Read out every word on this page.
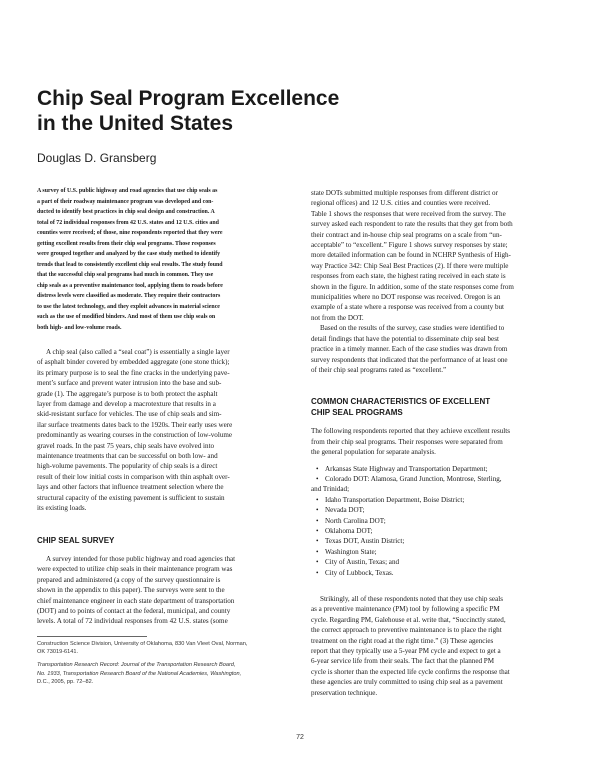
Chip Seal Program Excellence
in the United States
Douglas D. Gransberg

A survey of U.S. public highway and road agencies that use chip seals as
a part of their roadway maintenance program was developed and con-
ducted to identify best practices in chip seal design and construction. A
total of 72 individual responses from 42 U.S. states and 12 U.S. cities and
counties were received; of those, nine respondents reported that they were
getting excellent results from their chip seal programs. Those responses
were grouped together and analyzed by the case study method to identify
trends that lead to consistently excellent chip seal results. The study found
that the successful chip seal programs had much in common. They use
chip seals as a preventive maintenance tool, applying them to roads before
distress levels were classified as moderate. They require their contractors
to use the latest technology, and they exploit advances in material science
such as the use of modified binders. And most of them use chip seals on
both high- and low-volume roads.

A chip seal (also called a “seal coat”) is essentially a single layer
of asphalt binder covered by embedded aggregate (one stone thick);
its primary purpose is to seal the fine cracks in the underlying pave-
ment’s surface and prevent water intrusion into the base and sub-
grade (1). The aggregate’s purpose is to both protect the asphalt
layer from damage and develop a macrotexture that results in a
skid-resistant surface for vehicles. The use of chip seals and sim-
ilar surface treatments dates back to the 1920s. Their early uses were
predominantly as wearing courses in the construction of low-volume
gravel roads. In the past 75 years, chip seals have evolved into
maintenance treatments that can be successful on both low- and
high-volume pavements. The popularity of chip seals is a direct
result of their low initial costs in comparison with thin asphalt over-
lays and other factors that influence treatment selection where the
structural capacity of the existing pavement is sufficient to sustain
its existing loads.

CHIP SEAL SURVEY

A survey intended for those public highway and road agencies that
were expected to utilize chip seals in their maintenance program was
prepared and administered (a copy of the survey questionnaire is
shown in the appendix to this paper). The surveys were sent to the
chief maintenance engineer in each state department of transportation
(DOT) and to points of contact at the federal, municipal, and county
levels. A total of 72 individual responses from 42 U.S. states (some

Construction Science Division, University of Oklahoma, 830 Van Vleet Oval, Norman,
OK 73019-6141.

Transportation Research Record: Journal of the Transportation Research Board,
No. 1933, Transportation Research Board of the National Academies, Washington,
D.C., 2005, pp. 72–82.

state DOTs submitted multiple responses from different district or
regional offices) and 12 U.S. cities and counties were received.
Table 1 shows the responses that were received from the survey. The
survey asked each respondent to rate the results that they get from both
their contract and in-house chip seal programs on a scale from “un-
acceptable” to “excellent.” Figure 1 shows survey responses by state;
more detailed information can be found in NCHRP Synthesis of High-
way Practice 342: Chip Seal Best Practices (2). If there were multiple
responses from each state, the highest rating received in each state is
shown in the figure. In addition, some of the state responses come from
municipalities where no DOT response was received. Oregon is an
example of a state where a response was received from a county but
not from the DOT.

Based on the results of the survey, case studies were identified to
detail findings that have the potential to disseminate chip seal best
practice in a timely manner. Each of the case studies was drawn from
survey respondents that indicated that the performance of at least one
of their chip seal programs rated as “excellent.”

COMMON CHARACTERISTICS OF EXCELLENT
CHIP SEAL PROGRAMS

The following respondents reported that they achieve excellent results
from their chip seal programs. Their responses were separated from
the general population for separate analysis.

• Arkansas State Highway and Transportation Department;
• Colorado DOT: Alamosa, Grand Junction, Montrose, Sterling,
and Trinidad;
• Idaho Transportation Department, Boise District;
• Nevada DOT;
• North Carolina DOT;
• Oklahoma DOT;
• Texas DOT, Austin District;
• Washington State;
• City of Austin, Texas; and
• City of Lubbock, Texas.

Strikingly, all of these respondents noted that they use chip seals
as a preventive maintenance (PM) tool by following a specific PM
cycle. Regarding PM, Galehouse et al. write that, “Succinctly stated,
the correct approach to preventive maintenance is to place the right
treatment on the right road at the right time.” (3) These agencies
report that they typically use a 5-year PM cycle and expect to get a
6-year service life from their seals. The fact that the planned PM
cycle is shorter than the expected life cycle confirms the response that
these agencies are truly committed to using chip seal as a pavement
preservation technique.

72
